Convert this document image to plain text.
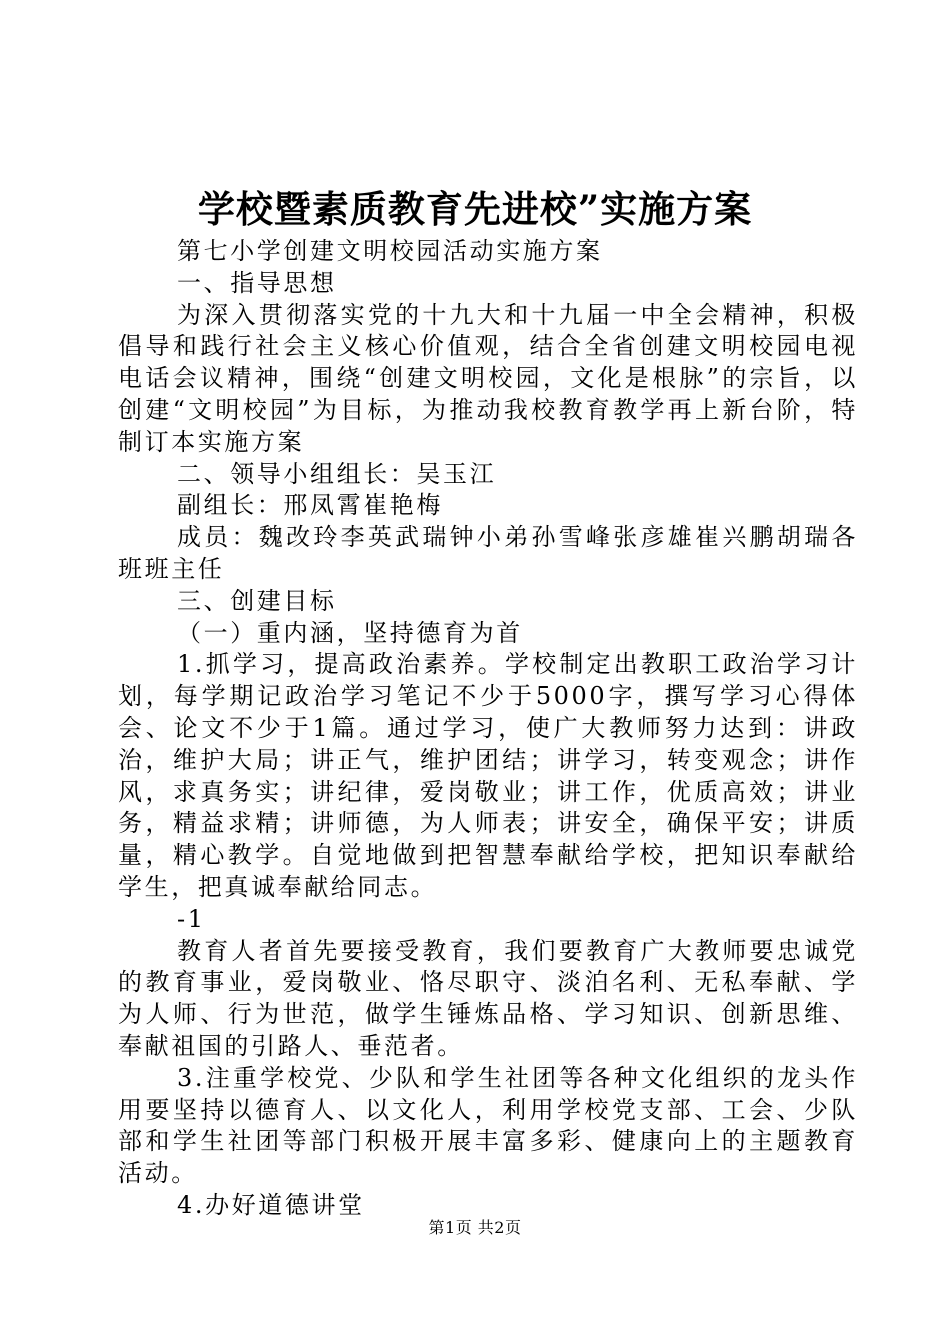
学校暨素质教育先进校”实施方案

第七小学创建文明校园活动实施方案

一、指导思想

为深入贯彻落实党的十九大和十九届一中全会精神，积极倡导和践行社会主义核心价值观，结合全省创建文明校园电视电话会议精神，围绕“创建文明校园，文化是根脉”的宗旨，以创建“文明校园”为目标，为推动我校教育教学再上新台阶，特制订本实施方案

二、领导小组组长：吴玉江

副组长：邢凤霄崔艳梅

成员：魏改玲李英武瑞钟小弟孙雪峰张彦雄崔兴鹏胡瑞各班班主任

三、创建目标

（一）重内涵，坚持德育为首

1.抓学习，提高政治素养。学校制定出教职工政治学习计划，每学期记政治学习笔记不少于5000字，撰写学习心得体会、论文不少于1篇。通过学习，使广大教师努力达到：讲政治，维护大局；讲正气，维护团结；讲学习，转变观念；讲作风，求真务实；讲纪律，爱岗敬业；讲工作，优质高效；讲业务，精益求精；讲师德，为人师表；讲安全，确保平安；讲质量，精心教学。自觉地做到把智慧奉献给学校，把知识奉献给学生，把真诚奉献给同志。

-1

教育人者首先要接受教育，我们要教育广大教师要忠诚党的教育事业，爱岗敬业、恪尽职守、淡泊名利、无私奉献、学为人师、行为世范，做学生锤炼品格、学习知识、创新思维、奉献祖国的引路人、垂范者。

3.注重学校党、少队和学生社团等各种文化组织的龙头作用要坚持以德育人、以文化人，利用学校党支部、工会、少队部和学生社团等部门积极开展丰富多彩、健康向上的主题教育活动。

4.办好道德讲堂

第1页 共2页
